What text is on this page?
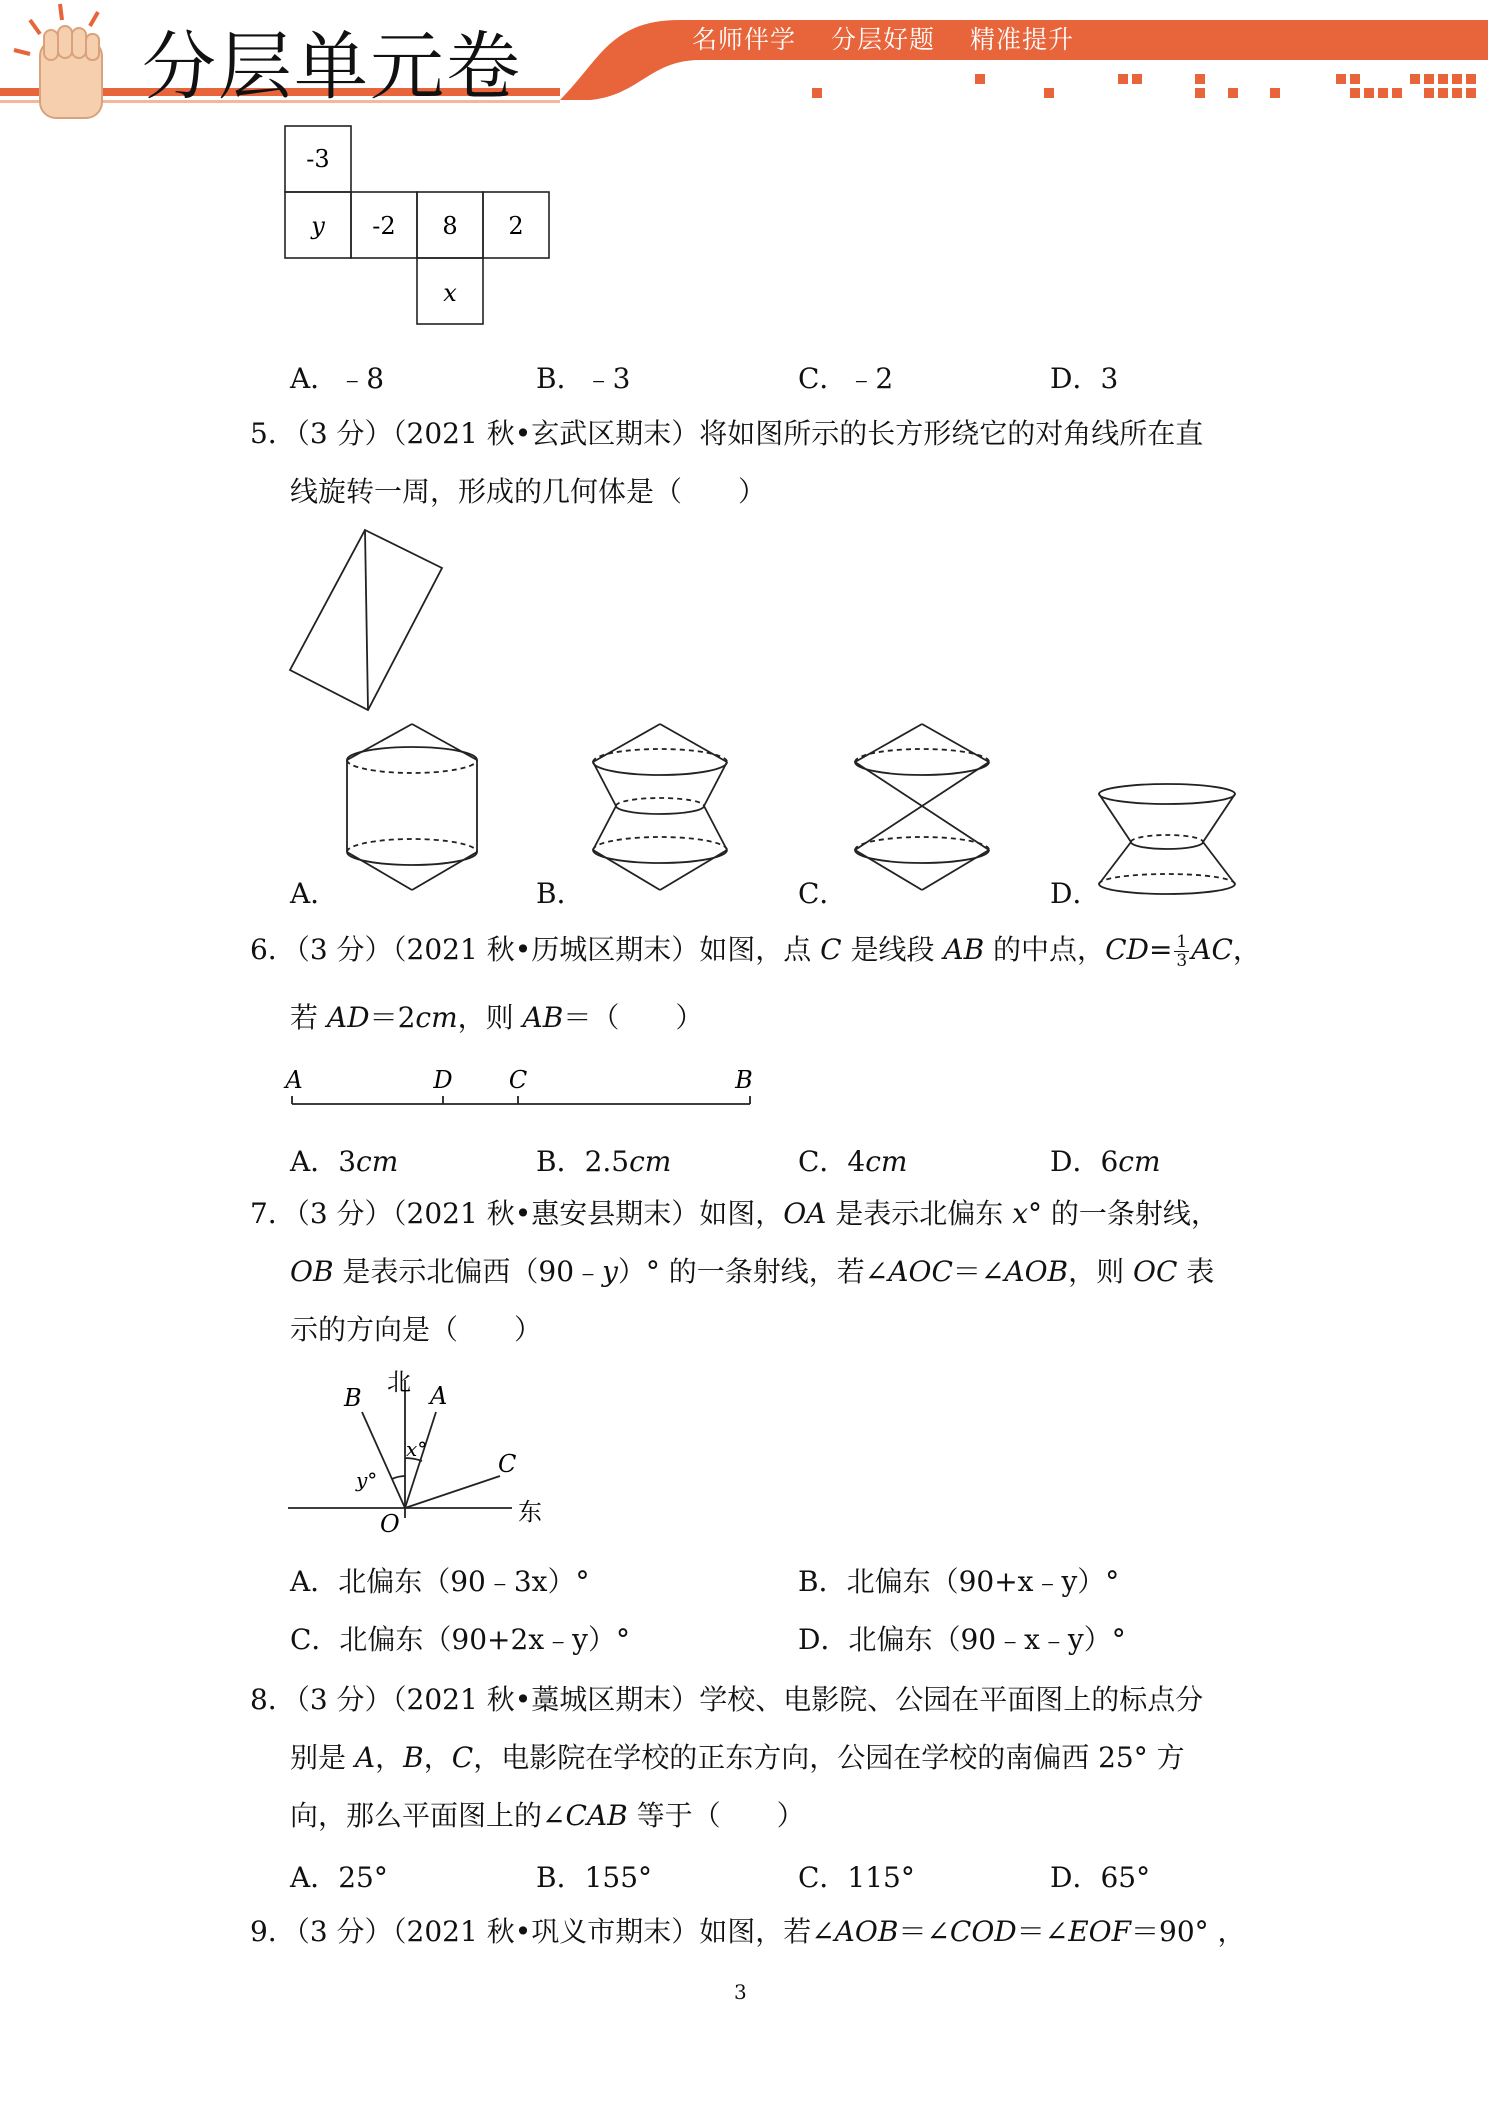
分层单元卷	名师伴学 分层好题 精准提升
-3
y -2 8 2
x
A．﹣8	B．﹣3	C．﹣2	D．3
5．（3 分）（2021 秋•玄武区期末）将如图所示的长方形绕它的对角线所在直
线旋转一周，形成的几何体是（　　）
A．	B．	C．	D．
6．（3 分）（2021 秋•历城区期末）如图，点 C 是线段 AB 的中点，$CD= \frac{1}{3}$ AC，
若 AD＝2cm，则 AB＝（　　）
A	D C	B
A．3cm	B．2.5cm	C．4cm	D．6cm
7．（3 分）（2021 秋•惠安县期末）如图，OA 是表示北偏东 x° 的一条射线，
OB 是表示北偏西（90﹣y）° 的一条射线，若∠AOC＝∠AOB，则 OC 表
示的方向是（　　）
北
东
B	A
C
O
x°
y°
A．北偏东（90﹣3x）°	B．北偏东（90+x﹣y）°
C．北偏东（90+2x﹣y）°	D．北偏东（90﹣x﹣y）°
8．（3 分）（2021 秋•藁城区期末）学校、电影院、公园在平面图上的标点分
别是 A，B，C，电影院在学校的正东方向，公园在学校的南偏西 25° 方
向，那么平面图上的∠CAB 等于（　　）
A．25°	B．155°	C．115°	D．65°
9．（3 分）（2021 秋•巩义市期末）如图，若∠AOB＝∠COD＝∠EOF＝90° ，
3
